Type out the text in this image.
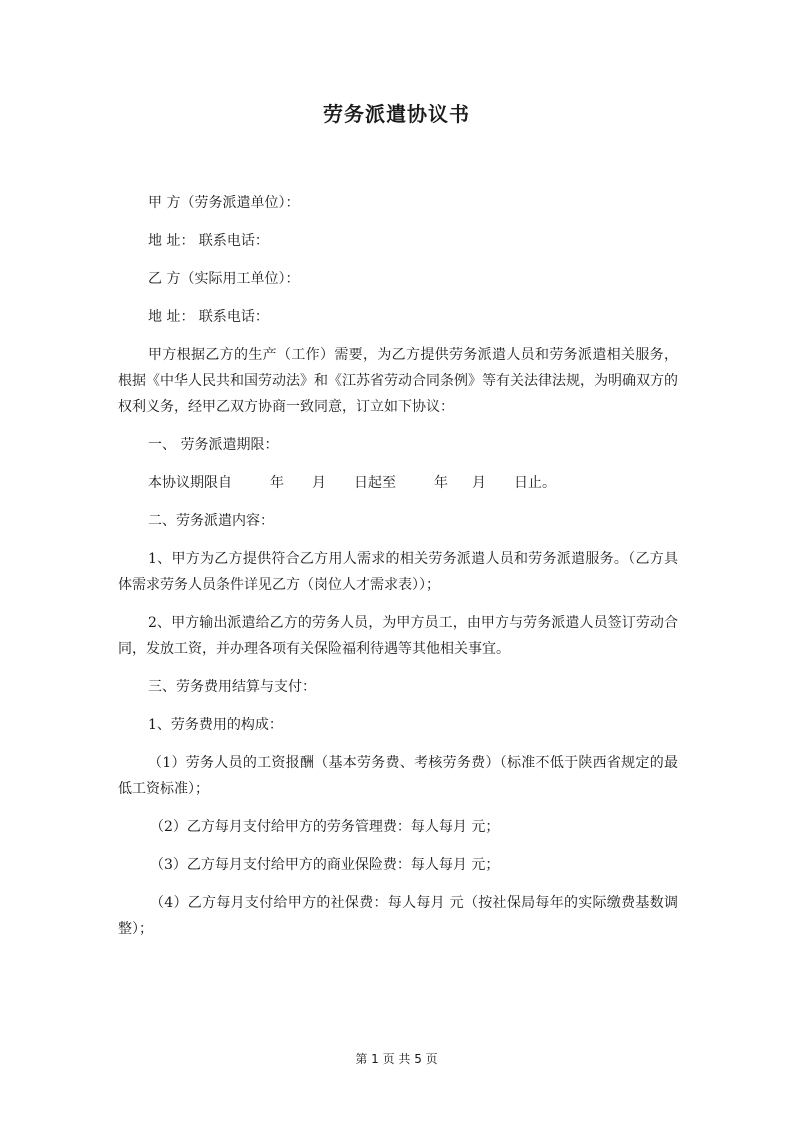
劳务派遣协议书

甲 方（劳务派遣单位）：

地 址： 联系电话：

乙 方（实际用工单位）：

地 址： 联系电话：

甲方根据乙方的生产（工作）需要，为乙方提供劳务派遣人员和劳务派遣相关服务，根据《中华人民共和国劳动法》和《江苏省劳动合同条例》等有关法律法规，为明确双方的权利义务，经甲乙双方协商一致同意，订立如下协议：

一、 劳务派遣期限：

本协议期限自	年 月 日起至	年 月 日止。

二、劳务派遣内容：

1、甲方为乙方提供符合乙方用人需求的相关劳务派遣人员和劳务派遣服务。（乙方具体需求劳务人员条件详见乙方（岗位人才需求表））；

2、甲方输出派遣给乙方的劳务人员，为甲方员工，由甲方与劳务派遣人员签订劳动合同，发放工资，并办理各项有关保险福利待遇等其他相关事宜。

三、劳务费用结算与支付：

1、劳务费用的构成：

（1）劳务人员的工资报酬（基本劳务费、考核劳务费）（标准不低于陕西省规定的最低工资标准）；

（2）乙方每月支付给甲方的劳务管理费：每人每月 元；

（3）乙方每月支付给甲方的商业保险费：每人每月 元；

（4）乙方每月支付给甲方的社保费：每人每月 元（按社保局每年的实际缴费基数调整）；

第 1 页 共 5 页
